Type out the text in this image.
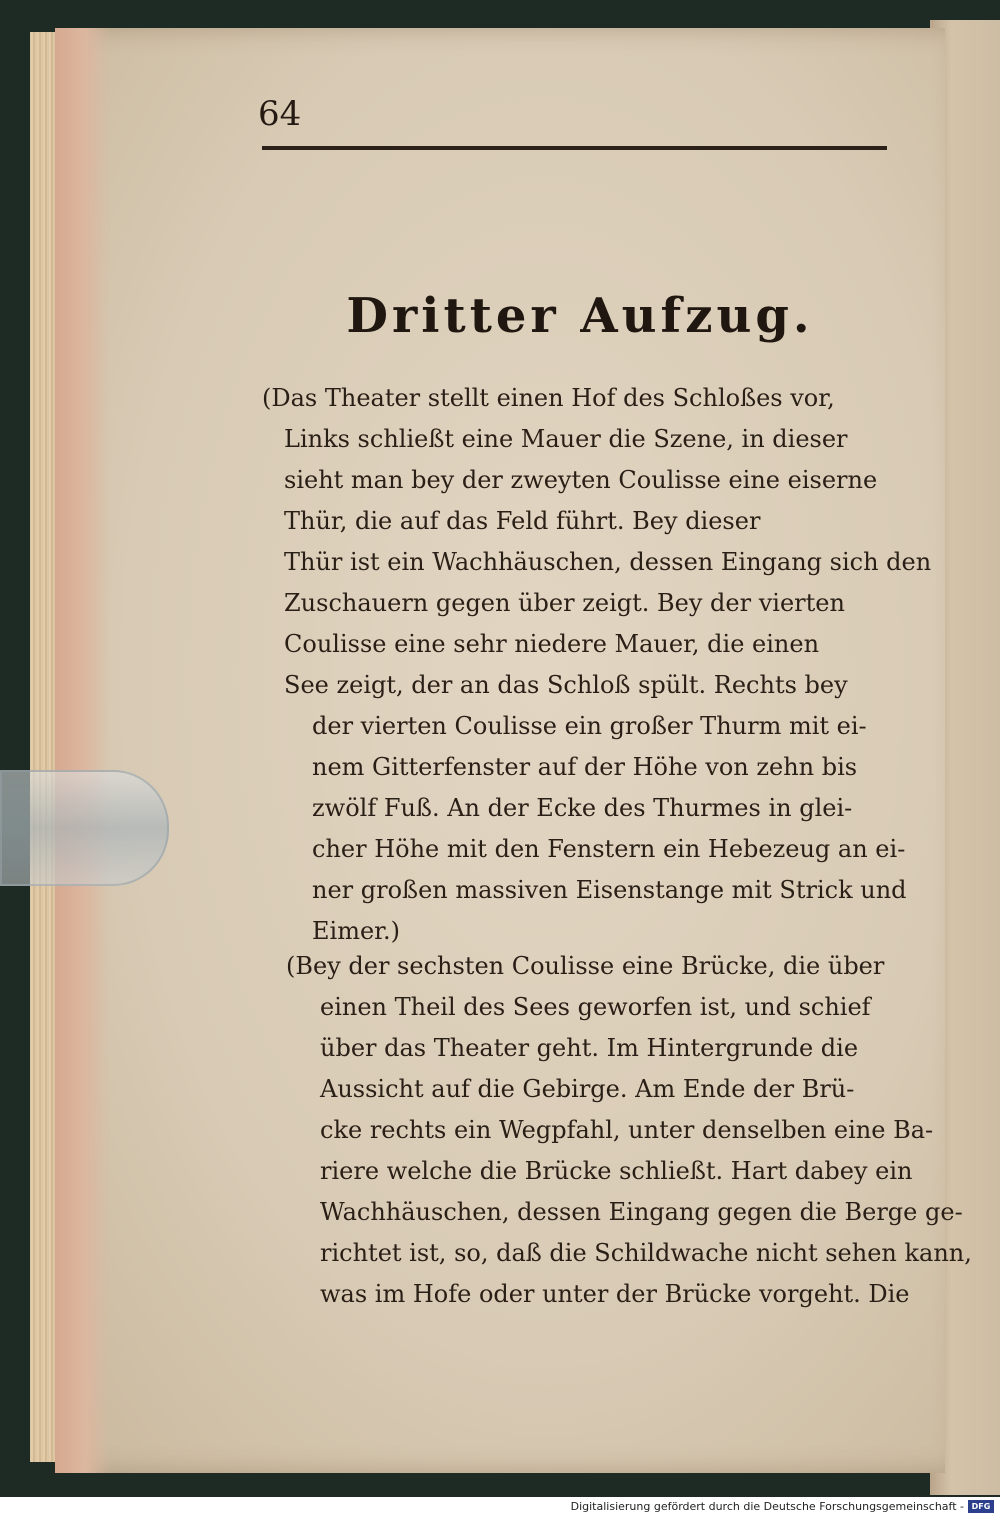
64
Dritter Aufzug.
(Das Theater stellt einen Hof des Schloßes vor,
Links schließt eine Mauer die Szene, in dieser
sieht man bey der zweyten Coulisse eine eiserne
Thür, die auf das Feld führt. Bey dieser
Thür ist ein Wachhäuschen, dessen Eingang sich den
Zuschauern gegen über zeigt. Bey der vierten
Coulisse eine sehr niedere Mauer, die einen
See zeigt, der an das Schloß spült. Rechts bey
der vierten Coulisse ein großer Thurm mit ei-
nem Gitterfenster auf der Höhe von zehn bis
zwölf Fuß. An der Ecke des Thurmes in glei-
cher Höhe mit den Fenstern ein Hebezeug an ei-
ner großen massiven Eisenstange mit Strick und
Eimer.)
(Bey der sechsten Coulisse eine Brücke, die über
einen Theil des Sees geworfen ist, und schief
über das Theater geht. Im Hintergrunde die
Aussicht auf die Gebirge. Am Ende der Brü-
cke rechts ein Wegpfahl, unter denselben eine Ba-
riere welche die Brücke schließt. Hart dabey ein
Wachhäuschen, dessen Eingang gegen die Berge ge-
richtet ist, so, daß die Schildwache nicht sehen kann,
was im Hofe oder unter der Brücke vorgeht. Die
Digitalisierung gefördert durch die Deutsche Forschungsgemeinschaft - DFG
